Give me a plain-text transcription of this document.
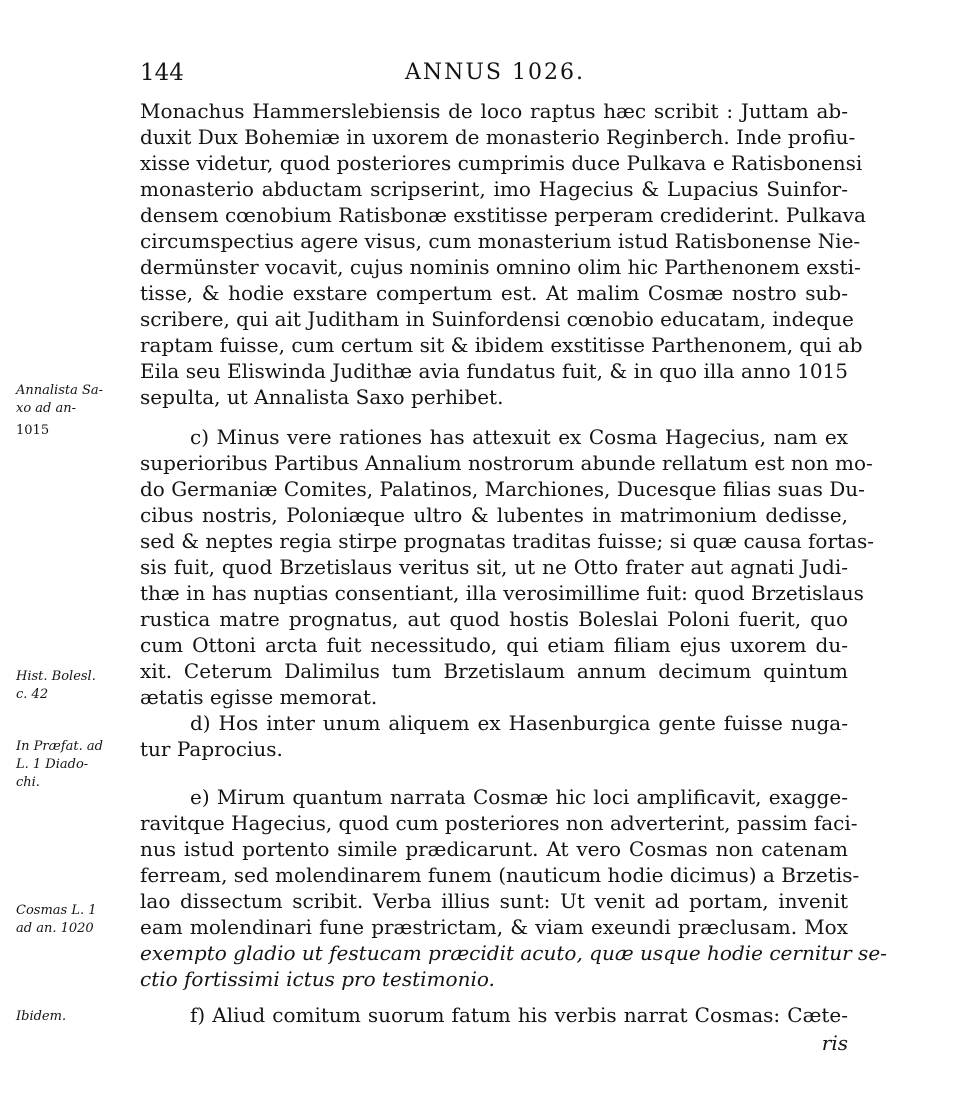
144	ANNUS 1026.
Monachus Hammerslebiensis de loco raptus hæc scribit : Juttam ab-
duxit Dux Bohemiæ in uxorem de monasterio Reginberch. Inde profiu-
xisse videtur, quod posteriores cumprimis duce Pulkava e Ratisbonensi
monasterio abductam scripserint, imo Hagecius & Lupacius Suinfor-
densem cœnobium Ratisbonæ exstitisse perperam crediderint. Pulkava
circumspectius agere visus, cum monasterium istud Ratisbonense Nie-
dermünster vocavit, cujus nominis omnino olim hic Parthenonem exsti-
tisse, & hodie exstare compertum est. At malim Cosmæ nostro sub-
scribere, qui ait Juditham in Suinfordensi cœnobio educatam, indeque
raptam fuisse, cum certum sit & ibidem exstitisse Parthenonem, qui ab
Eila seu Eliswinda Judithæ avia fundatus fuit, & in quo illa anno 1015
sepulta, ut Annalista Saxo perhibet.
c) Minus vere rationes has attexuit ex Cosma Hagecius, nam ex
superioribus Partibus Annalium nostrorum abunde rellatum est non mo-
do Germaniæ Comites, Palatinos, Marchiones, Ducesque filias suas Du-
cibus nostris, Poloniæque ultro & lubentes in matrimonium dedisse,
sed & neptes regia stirpe prognatas traditas fuisse; si quæ causa fortas-
sis fuit, quod Brzetislaus veritus sit, ut ne Otto frater aut agnati Judi-
thæ in has nuptias consentiant, illa verosimillime fuit: quod Brzetislaus
rustica matre prognatus, aut quod hostis Boleslai Poloni fuerit, quo
cum Ottoni arcta fuit necessitudo, qui etiam filiam ejus uxorem du-
xit. Ceterum Dalimilus tum Brzetislaum annum decimum quintum
ætatis egisse memorat.
d) Hos inter unum aliquem ex Hasenburgica gente fuisse nuga-
tur Paprocius.
e) Mirum quantum narrata Cosmæ hic loci amplificavit, exagge-
ravitque Hagecius, quod cum posteriores non adverterint, passim faci-
nus istud portento simile prædicarunt. At vero Cosmas non catenam
ferream, sed molendinarem funem (nauticum hodie dicimus) a Brzetis-
lao dissectum scribit. Verba illius sunt: Ut venit ad portam, invenit
eam molendinari fune præstrictam, & viam exeundi præclusam. Mox
exempto gladio ut festucam præcidit acuto, quæ usque hodie cernitur se-
ctio fortissimi ictus pro testimonio.
f) Aliud comitum suorum fatum his verbis narrat Cosmas: Cæte-
ris
Annalista Sa-
xo ad an-
1015
Hist. Bolesl.
c. 42
In Præfat. ad
L. 1 Diado-
chi.
Cosmas L. 1
ad an. 1020
Ibidem.
